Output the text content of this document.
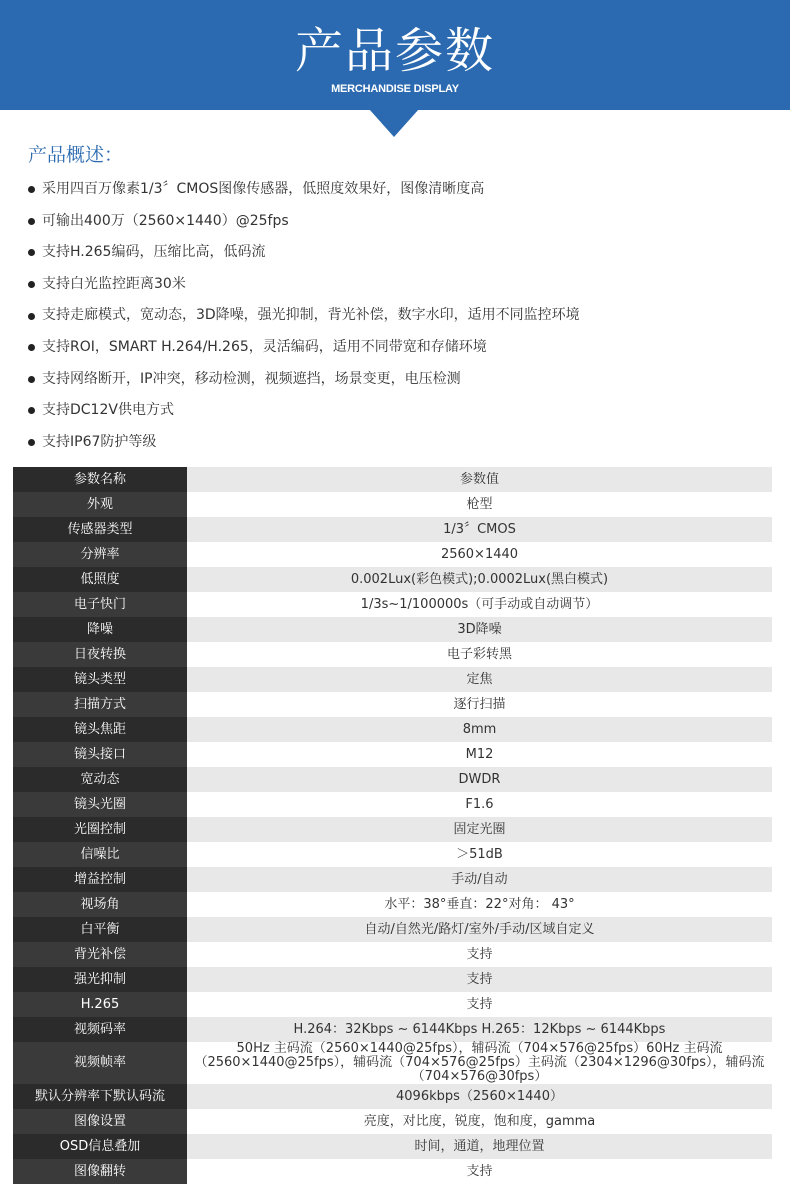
产品参数
MERCHANDISE DISPLAY
产品概述：
采用四百万像素1/3〞CMOS图像传感器，低照度效果好，图像清晰度高
可输出400万（2560×1440）@25fps
支持H.265编码，压缩比高，低码流
支持白光监控距离30米
支持走廊模式，宽动态，3D降噪，强光抑制，背光补偿，数字水印，适用不同监控环境
支持ROI，SMART H.264/H.265，灵活编码，适用不同带宽和存储环境
支持网络断开，IP冲突，移动检测，视频遮挡，场景变更，电压检测
支持DC12V供电方式
支持IP67防护等级
参数名称	参数值
外观	枪型
传感器类型	1/3〞CMOS
分辨率	2560×1440
低照度	0.002Lux(彩色模式);0.0002Lux(黑白模式)
电子快门	1/3s~1/100000s（可手动或自动调节）
降噪	3D降噪
日夜转换	电子彩转黑
镜头类型	定焦
扫描方式	逐行扫描
镜头焦距	8mm
镜头接口	M12
宽动态	DWDR
镜头光圈	F1.6
光圈控制	固定光圈
信噪比	＞51dB
增益控制	手动/自动
视场角	水平：38°垂直：22°对角： 43°
白平衡	自动/自然光/路灯/室外/手动/区域自定义
背光补偿	支持
强光抑制	支持
H.265	支持
视频码率	H.264：32Kbps ~ 6144Kbps H.265：12Kbps ~ 6144Kbps
视频帧率	50Hz 主码流（2560×1440@25fps），辅码流（704×576@25fps）60Hz 主码流（2560×1440@25fps），辅码流（704×576@25fps）主码流（2304×1296@30fps），辅码流（704×576@30fps）
默认分辨率下默认码流	4096kbps（2560×1440）
图像设置	亮度，对比度，锐度，饱和度，gamma
OSD信息叠加	时间，通道，地理位置
图像翻转	支持
